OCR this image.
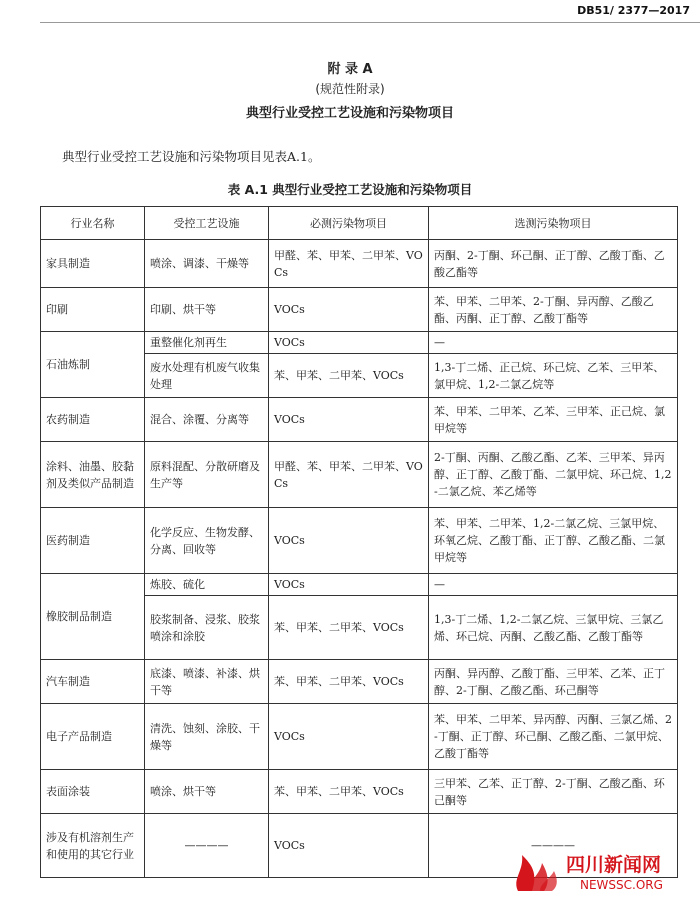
DB51/ 2377—2017
附 录 A
(规范性附录)
典型行业受控工艺设施和污染物项目
典型行业受控工艺设施和污染物项目见表A.1。
表 A.1 典型行业受控工艺设施和污染物项目
行业名称	受控工艺设施	必测污染物项目	选测污染物项目
家具制造	喷涂、调漆、干燥等	甲醛、苯、甲苯、二甲苯、VOCs	丙酮、2-丁酮、环己酮、正丁醇、乙酸丁酯、乙酸乙酯等
印刷	印刷、烘干等	VOCs	苯、甲苯、二甲苯、2-丁酮、异丙醇、乙酸乙酯、丙酮、正丁醇、乙酸丁酯等
石油炼制	重整催化剂再生	VOCs	—
	废水处理有机废气收集处理	苯、甲苯、二甲苯、VOCs	1,3-丁二烯、正己烷、环己烷、乙苯、三甲苯、氯甲烷、1,2-二氯乙烷等
农药制造	混合、涂覆、分离等	VOCs	苯、甲苯、二甲苯、乙苯、三甲苯、正己烷、氯甲烷等
涂料、油墨、胶黏剂及类似产品制造	原料混配、分散研磨及生产等	甲醛、苯、甲苯、二甲苯、VOCs	2-丁酮、丙酮、乙酸乙酯、乙苯、三甲苯、异丙醇、正丁醇、乙酸丁酯、二氯甲烷、环己烷、1,2-二氯乙烷、苯乙烯等
医药制造	化学反应、生物发酵、分离、回收等	VOCs	苯、甲苯、二甲苯、1,2-二氯乙烷、三氯甲烷、环氧乙烷、乙酸丁酯、正丁醇、乙酸乙酯、二氯甲烷等
橡胶制品制造	炼胶、硫化	VOCs	—
	胶浆制备、浸浆、胶浆喷涂和涂胶	苯、甲苯、二甲苯、VOCs	1,3-丁二烯、1,2-二氯乙烷、三氯甲烷、三氯乙烯、环己烷、丙酮、乙酸乙酯、乙酸丁酯等
汽车制造	底漆、喷漆、补漆、烘干等	苯、甲苯、二甲苯、VOCs	丙酮、异丙醇、乙酸丁酯、三甲苯、乙苯、正丁醇、2-丁酮、乙酸乙酯、环己酮等
电子产品制造	清洗、蚀刻、涂胶、干燥等	VOCs	苯、甲苯、二甲苯、异丙醇、丙酮、三氯乙烯、2-丁酮、正丁醇、环己酮、乙酸乙酯、二氯甲烷、乙酸丁酯等
表面涂装	喷涂、烘干等	苯、甲苯、二甲苯、VOCs	三甲苯、乙苯、正丁醇、2-丁酮、乙酸乙酯、环己酮等
涉及有机溶剂生产和使用的其它行业	————	VOCs	————
四川新闻网
NEWSSC.ORG
